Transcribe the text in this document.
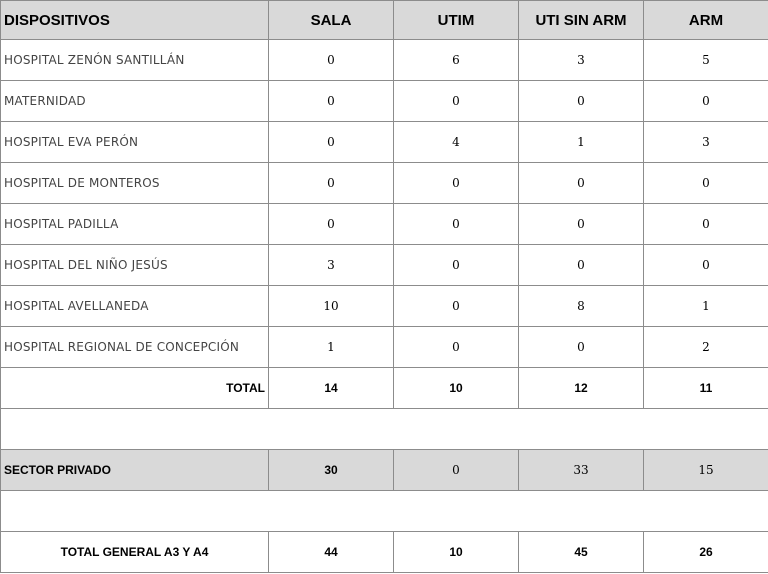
DISPOSITIVOS	SALA	UTIM	UTI SIN ARM	ARM
HOSPITAL ZENÓN SANTILLÁN	0	6	3	5
MATERNIDAD	0	0	0	0
HOSPITAL EVA PERÓN	0	4	1	3
HOSPITAL DE MONTEROS	0	0	0	0
HOSPITAL PADILLA	0	0	0	0
HOSPITAL DEL NIÑO JESÚS	3	0	0	0
HOSPITAL AVELLANEDA	10	0	8	1
HOSPITAL REGIONAL DE CONCEPCIÓN	1	0	0	2
TOTAL	14	10	12	11

SECTOR PRIVADO	30	0	33	15

TOTAL GENERAL A3 Y A4	44	10	45	26
